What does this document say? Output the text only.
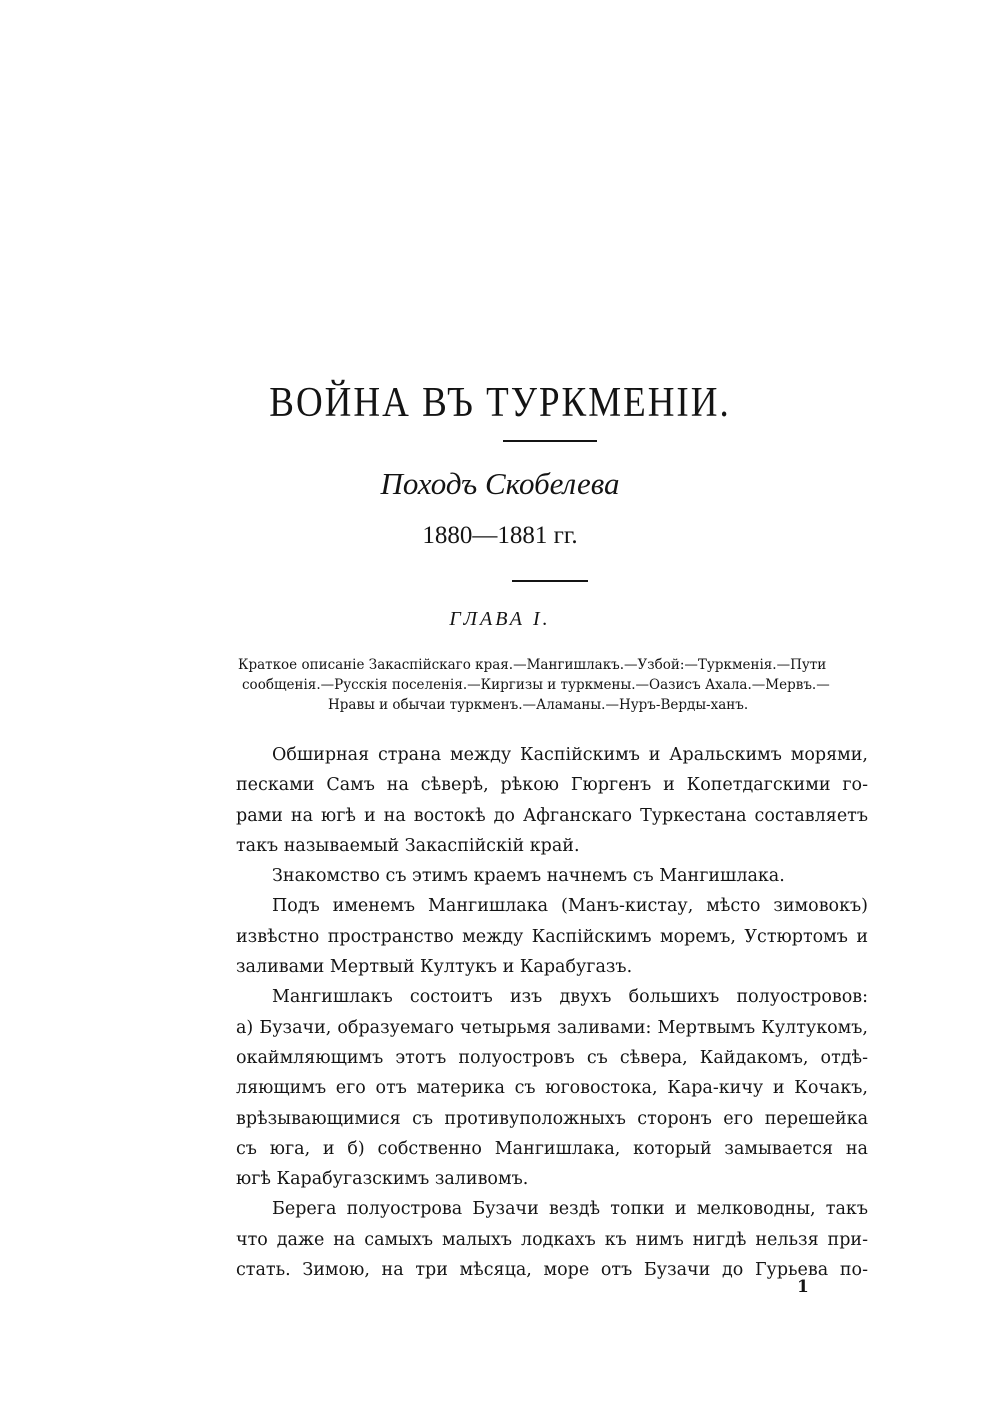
ВОЙНА ВЪ ТУРКМЕНІИ.
Походъ Скобелева
1880—1881 гг.
ГЛАВА I.
Краткое описаніе Закаспійскаго края.—Мангишлакъ.—Узбой:—Туркменія.—Пути
сообщенія.—Русскія поселенія.—Киргизы и туркмены.—Оазисъ Ахала.—Мервъ.—
Нравы и обычаи туркменъ.—Аламаны.—Нуръ-Верды-ханъ.
Обширная страна между Каспійскимъ и Аральскимъ морями,
песками Самъ на сѣверѣ, рѣкою Гюргенъ и Копетдагскими го-
рами на югѣ и на востокѣ до Афганскаго Туркестана составляетъ
такъ называемый Закаспійскій край.
Знакомство съ этимъ краемъ начнемъ съ Мангишлака.
Подъ именемъ Мангишлака (Манъ-кистау, мѣсто зимовокъ)
извѣстно пространство между Каспійскимъ моремъ, Устюртомъ и
заливами Мертвый Култукъ и Карабугазъ.
Мангишлакъ состоитъ изъ двухъ большихъ полуостровов:
а) Бузачи, образуемаго четырьмя заливами: Мертвымъ Култукомъ,
окаймляющимъ этотъ полуостровъ съ сѣвера, Кайдакомъ, отдѣ-
ляющимъ его отъ материка съ юговостока, Кара-кичу и Кочакъ,
врѣзывающимися съ противуположныхъ сторонъ его перешейка
съ юга, и б) собственно Мангишлака, который замывается на
югѣ Карабугазскимъ заливомъ.
Берега полуострова Бузачи вездѣ топки и мелководны, такъ
что даже на самыхъ малыхъ лодкахъ къ нимъ нигдѣ нельзя при-
стать. Зимою, на три мѣсяца, море отъ Бузачи до Гурьева по-
1
